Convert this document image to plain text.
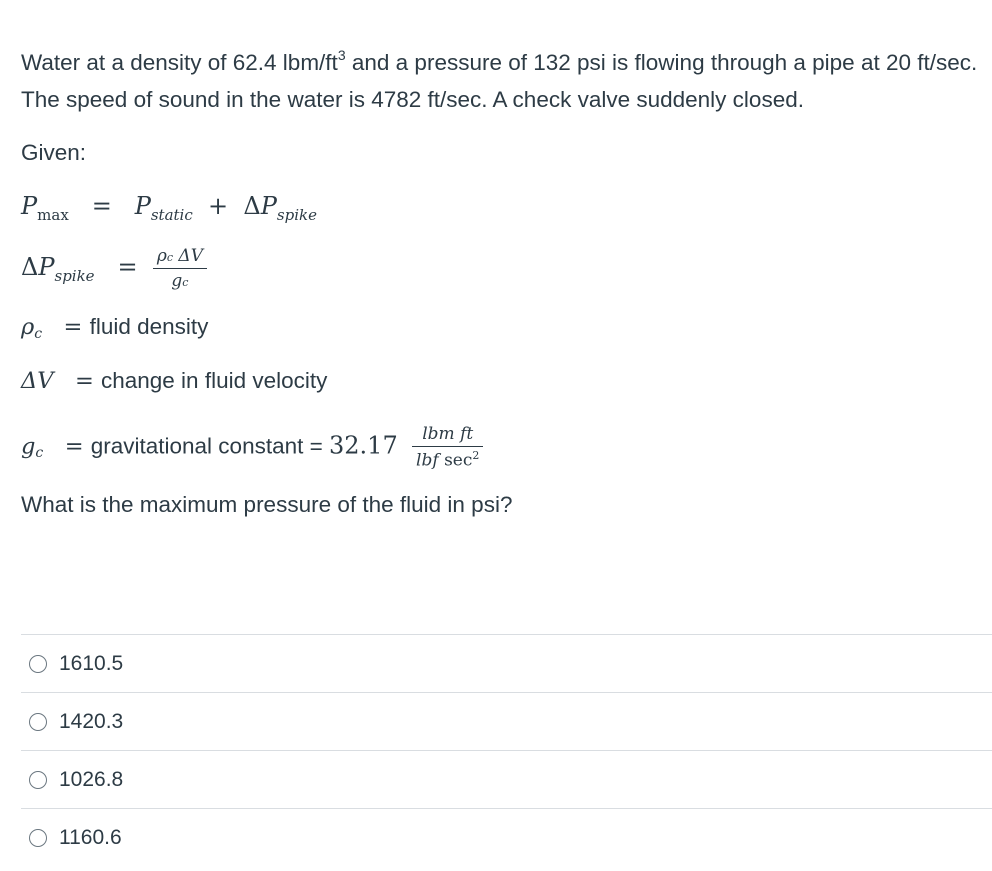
Water at a density of 62.4 lbm/$ft^3$ and a pressure of 132 psi is flowing through a pipe at 20 ft/sec. The speed of sound in the water is 4782 ft/sec. A check valve suddenly closed.
Given:
$P_{max} = P_{static} + \Delta P_{spike}$
$\Delta P_{spike} = \frac{\text{ρc ΔV}}{gc}$
ρc = fluid density
ΔV = change in fluid velocity
gc = gravitational constant = $32.17 \frac{\text{lbm ft}}{lbf \sec^2}$
What is the maximum pressure of the fluid in psi?
1610.5
1420.3
1026.8
1160.6
